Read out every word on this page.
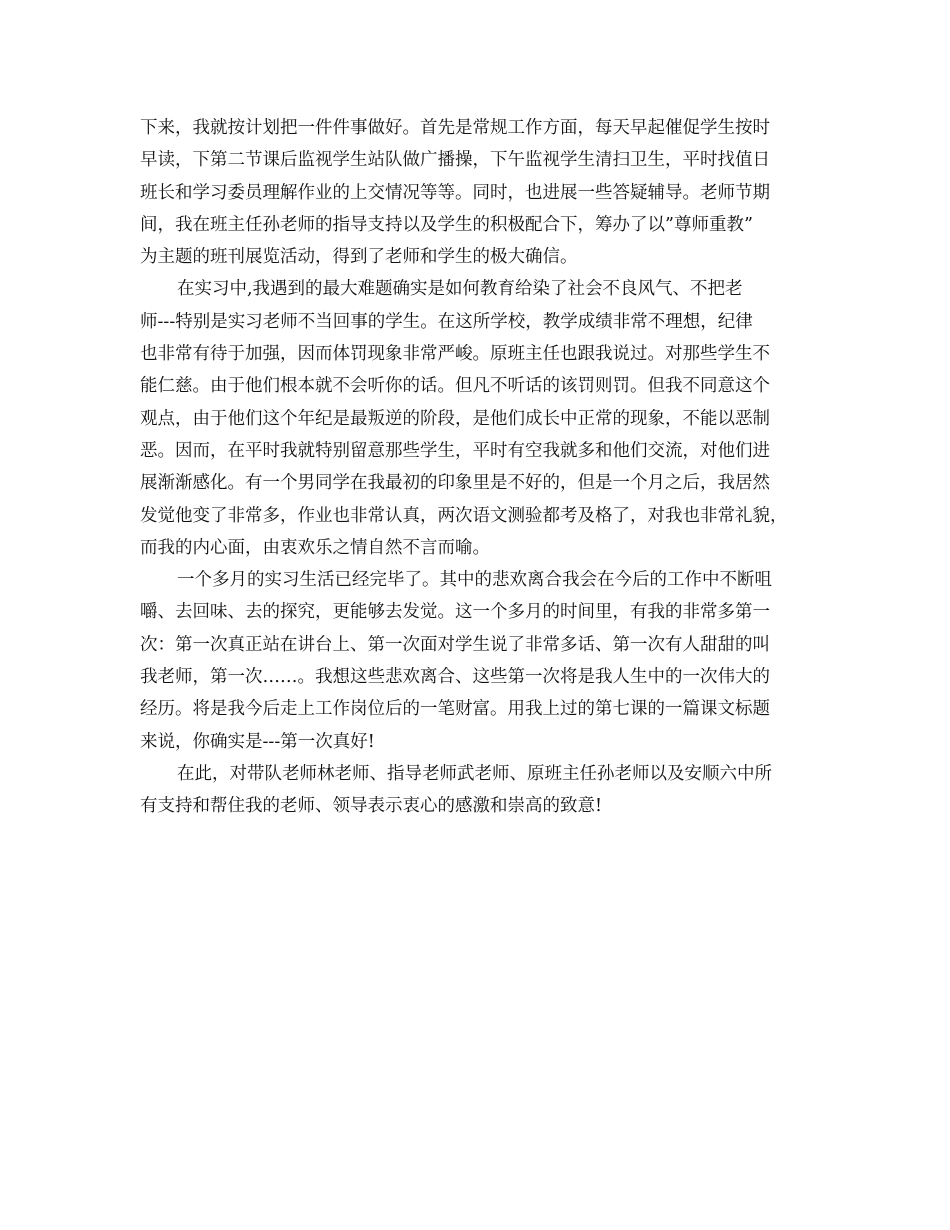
下来，我就按计划把一件件事做好。首先是常规工作方面，每天早起催促学生按时
早读，下第二节课后监视学生站队做广播操，下午监视学生清扫卫生，平时找值日
班长和学习委员理解作业的上交情况等等。同时，也进展一些答疑辅导。老师节期
间，我在班主任孙老师的指导支持以及学生的积极配合下，筹办了以”尊师重教”
为主题的班刊展览活动，得到了老师和学生的极大确信。
在实习中,我遇到的最大难题确实是如何教育给染了社会不良风气、不把老
师---特别是实习老师不当回事的学生。在这所学校，教学成绩非常不理想，纪律
也非常有待于加强，因而体罚现象非常严峻。原班主任也跟我说过。对那些学生不
能仁慈。由于他们根本就不会听你的话。但凡不听话的该罚则罚。但我不同意这个
观点，由于他们这个年纪是最叛逆的阶段，是他们成长中正常的现象，不能以恶制
恶。因而，在平时我就特别留意那些学生，平时有空我就多和他们交流，对他们进
展渐渐感化。有一个男同学在我最初的印象里是不好的，但是一个月之后，我居然
发觉他变了非常多，作业也非常认真，两次语文测验都考及格了，对我也非常礼貌，
而我的内心面，由衷欢乐之情自然不言而喻。
一个多月的实习生活已经完毕了。其中的悲欢离合我会在今后的工作中不断咀
嚼、去回味、去的探究，更能够去发觉。这一个多月的时间里，有我的非常多第一
次：第一次真正站在讲台上、第一次面对学生说了非常多话、第一次有人甜甜的叫
我老师，第一次……。我想这些悲欢离合、这些第一次将是我人生中的一次伟大的
经历。将是我今后走上工作岗位后的一笔财富。用我上过的第七课的一篇课文标题
来说，你确实是---第一次真好!
在此，对带队老师林老师、指导老师武老师、原班主任孙老师以及安顺六中所
有支持和帮住我的老师、领导表示衷心的感激和崇高的致意!
